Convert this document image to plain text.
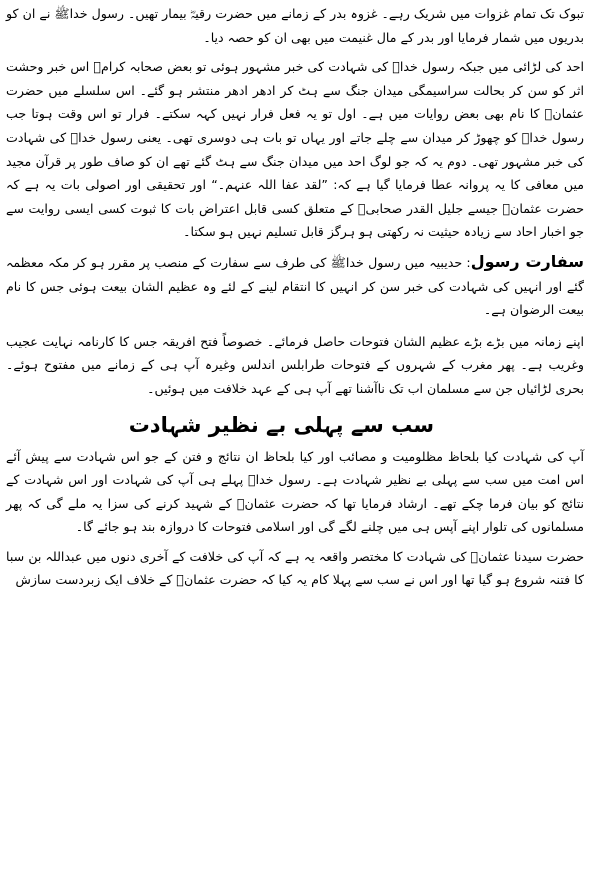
تبوک تک تمام غزوات میں شریک رہے۔ غزوہ بدر کے زمانے میں حضرت رقیہؓ بیمار تھیں۔ رسول خداﷺ نے ان کو بدریوں میں شمار فرمایا اور بدر کے مال غنیمت میں بھی ان کو حصہ دیا۔

احد کی لڑائی میں جبکہ رسول خداﷺ کی شہادت کی خبر مشہور ہوئی تو بعض صحابہ کرامؓ اس خبر وحشت اثر کو سن کر بحالت سراسیمگی میدان جنگ سے ہٹ کر ادھر ادھر منتشر ہو گئے۔ اس سلسلے میں حضرت عثمانؓ کا نام بھی بعض روایات میں ہے۔ اول تو یہ فعل فرار نہیں کہہ سکتے۔ فرار تو اس وقت ہوتا جب رسول خداﷺ کو چھوڑ کر میدان سے چلے جاتے اور یہاں تو بات ہی دوسری تھی۔ یعنی رسول خداﷺ کی شہادت کی خبر مشہور تھی۔ دوم یہ کہ جو لوگ احد میں میدان جنگ سے ہٹ گئے تھے ان کو صاف طور پر قرآن مجید میں معافی کا یہ پروانہ عطا فرمایا گیا ہے کہ: ”لقد عفا اللہ عنہم۔“ اور تحقیقی اور اصولی بات یہ ہے کہ حضرت عثمانؓ جیسے جلیل القدر صحابیؓ کے متعلق کسی قابل اعتراض بات کا ثبوت کسی ایسی روایت سے جو اخبار احاد سے زیادہ حیثیت نہ رکھتی ہو ہرگز قابل تسلیم نہیں ہو سکتا۔

سفارت رسول: حدیبیہ میں رسول خداﷺ کی طرف سے سفارت کے منصب پر مقرر ہو کر مکہ معظمہ گئے اور انہیں کی شہادت کی خبر سن کر انہیں کا انتقام لینے کے لئے وہ عظیم الشان بیعت ہوئی جس کا نام بیعت الرضوان ہے۔

اپنے زمانہ میں بڑے بڑے عظیم الشان فتوحات حاصل فرمائے۔ خصوصاً فتح افریقہ جس کا کارنامہ نہایت عجیب وغریب ہے۔ پھر مغرب کے شہروں کے فتوحات طرابلس اندلس وغیرہ آپ ہی کے زمانے میں مفتوح ہوئے۔ بحری لڑائیاں جن سے مسلمان اب تک ناآشنا تھے آپ ہی کے عہد خلافت میں ہوئیں۔

سب سے پہلی بے نظیر شہادت

آپ کی شہادت کیا بلحاظ مظلومیت و مصائب اور کیا بلحاظ ان نتائج و فتن کے جو اس شہادت سے پیش آئے اس امت میں سب سے پہلی بے نظیر شہادت ہے۔ رسول خداﷺ پہلے ہی آپ کی شہادت اور اس شہادت کے نتائج کو بیان فرما چکے تھے۔ ارشاد فرمایا تھا کہ حضرت عثمانؓ کے شہید کرنے کی سزا یہ ملے گی کہ پھر مسلمانوں کی تلوار اپنے آپس ہی میں چلنے لگے گی اور اسلامی فتوحات کا دروازہ بند ہو جائے گا۔

حضرت سیدنا عثمانؓ کی شہادت کا مختصر واقعہ یہ ہے کہ آپ کی خلافت کے آخری دنوں میں عبداللہ بن سبا کا فتنہ شروع ہو گیا تھا اور اس نے سب سے پہلا کام یہ کیا کہ حضرت عثمانؓ کے خلاف ایک زبردست سازش
